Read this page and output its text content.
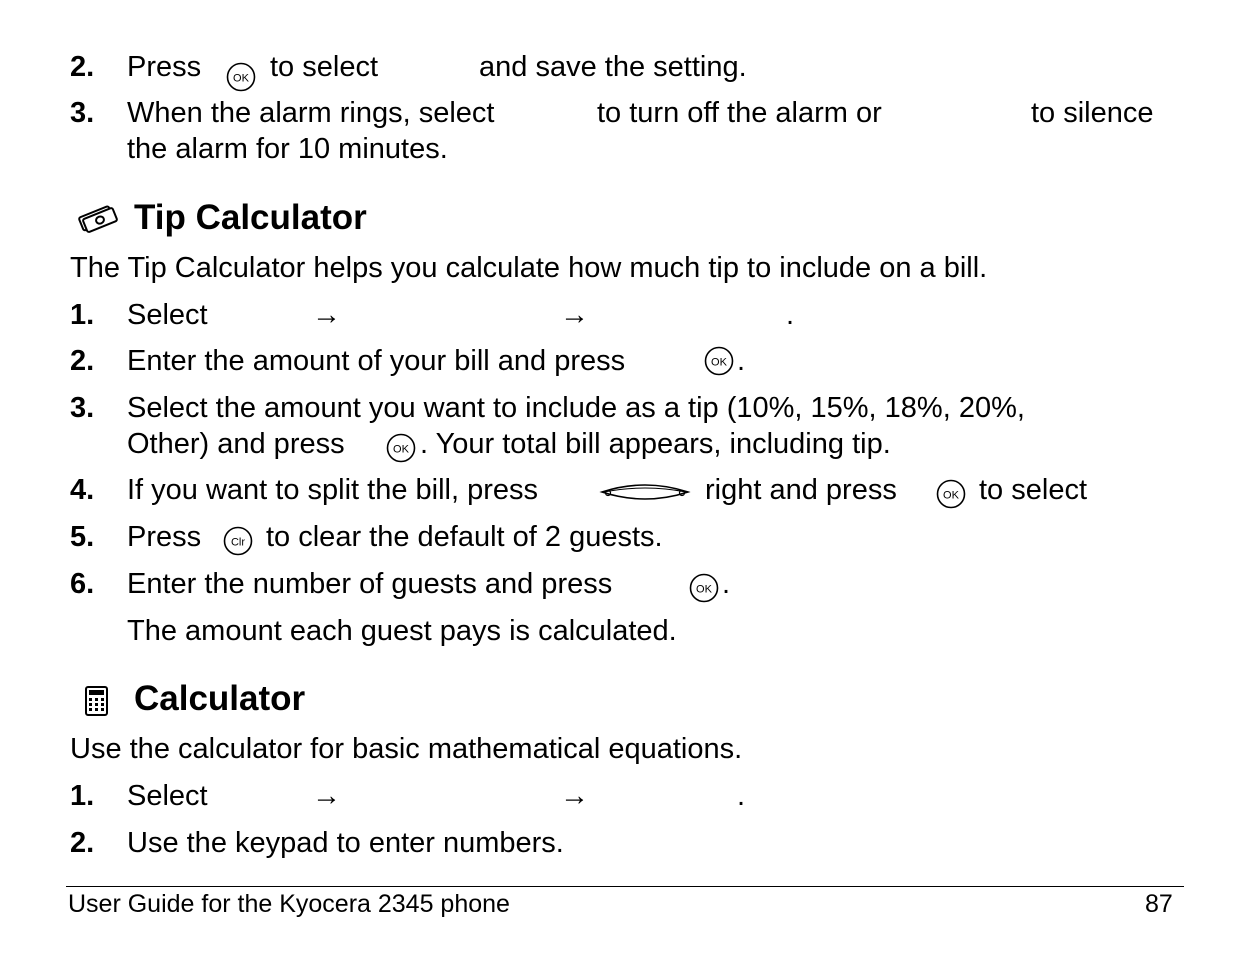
2. Press	OK to select	and save the setting.
3. When the alarm rings, select	to turn off the alarm or	to silence
the alarm for 10 minutes.
Tip Calculator
The Tip Calculator helps you calculate how much tip to include on a bill.
1. Select	→	→	.
2. Enter the amount of your bill and press	OK .
3. Select the amount you want to include as a tip (10%, 15%, 18%, 20%,
Other) and press	OK . Your total bill appears, including tip.
4. If you want to split the bill, press	right and press	OK to select
5. Press	Clr to clear the default of 2 guests.
6. Enter the number of guests and press	OK .
The amount each guest pays is calculated.
Calculator
Use the calculator for basic mathematical equations.
1. Select	→	→	.
2. Use the keypad to enter numbers.
User Guide for the Kyocera 2345 phone	87
